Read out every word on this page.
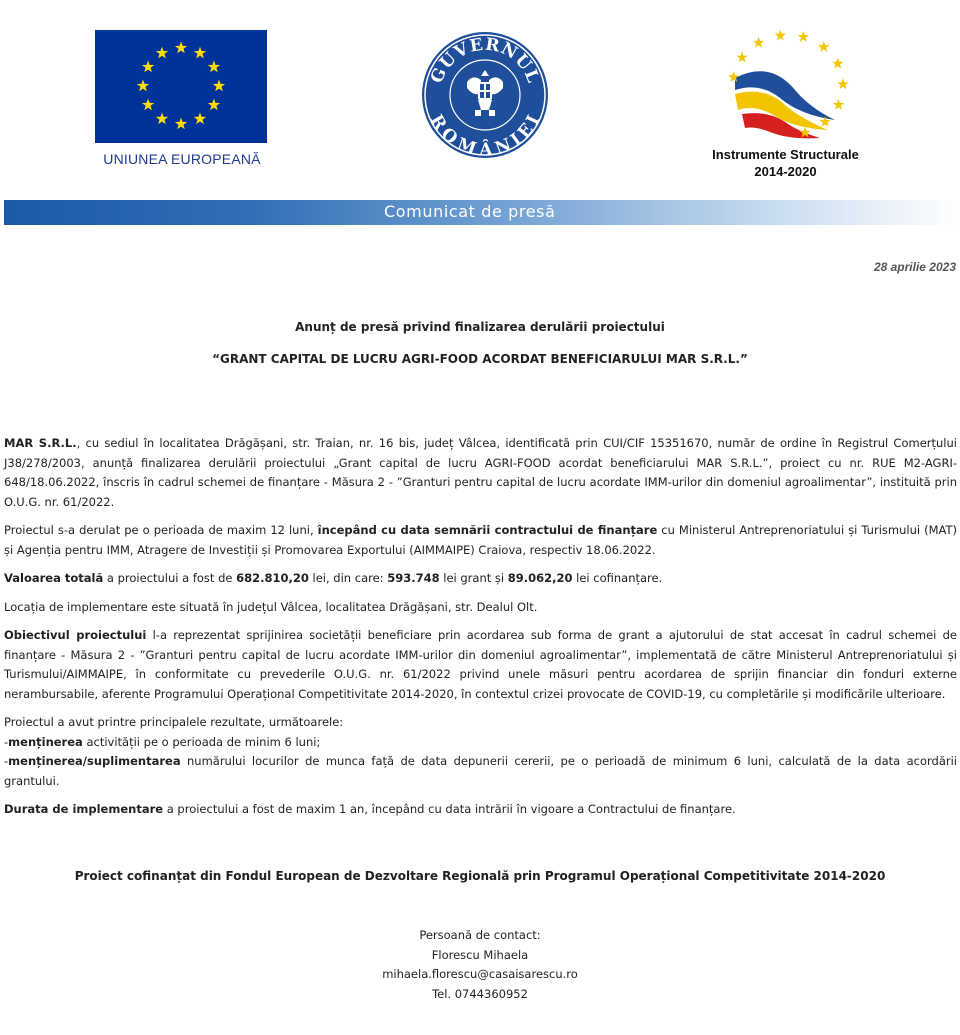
UNIUNEA EUROPEANĂ
GUVERNUL
ROMÂNIEI
Instrumente Structurale
2014-2020
Comunicat de presă
28 aprilie 2023
Anunț de presă privind finalizarea derulării proiectului
“GRANT CAPITAL DE LUCRU AGRI-FOOD ACORDAT BENEFICIARULUI MAR S.R.L.”

MAR S.R.L., cu sediul în localitatea Drăgășani, str. Traian, nr. 16 bis, județ Vâlcea, identificată prin CUI/CIF 15351670, număr de ordine în Registrul Comerțului J38/278/2003, anunță finalizarea derulării proiectului „Grant capital de lucru AGRI-FOOD acordat beneficiarului MAR S.R.L.”, proiect cu nr. RUE M2-AGRI-648/18.06.2022, înscris în cadrul schemei de finanțare - Măsura 2 - ”Granturi pentru capital de lucru acordate IMM-urilor din domeniul agroalimentar”, instituită prin O.U.G. nr. 61/2022.

Proiectul s-a derulat pe o perioada de maxim 12 luni, începând cu data semnării contractului de finanțare cu Ministerul Antreprenoriatului și Turismului (MAT) și Agenția pentru IMM, Atragere de Investiții și Promovarea Exportului (AIMMAIPE) Craiova, respectiv 18.06.2022.

Valoarea totală a proiectului a fost de 682.810,20 lei, din care: 593.748 lei grant și 89.062,20 lei cofinanțare.

Locația de implementare este situată în județul Vâlcea, localitatea Drăgășani, str. Dealul Olt.

Obiectivul proiectului l-a reprezentat sprijinirea societății beneficiare prin acordarea sub forma de grant a ajutorului de stat accesat în cadrul schemei de finanțare - Măsura 2 - ”Granturi pentru capital de lucru acordate IMM-urilor din domeniul agroalimentar”, implementată de către Ministerul Antreprenoriatului și Turismului/AIMMAIPE, în conformitate cu prevederile O.U.G. nr. 61/2022 privind unele măsuri pentru acordarea de sprijin financiar din fonduri externe nerambursabile, aferente Programului Operațional Competitivitate 2014-2020, în contextul crizei provocate de COVID-19, cu completările și modificările ulterioare.

Proiectul a avut printre principalele rezultate, următoarele:
-menținerea activității pe o perioada de minim 6 luni;
-menținerea/suplimentarea numărului locurilor de munca față de data depunerii cererii, pe o perioadă de minimum 6 luni, calculată de la data acordării grantului.

Durata de implementare a proiectului a fost de maxim 1 an, începând cu data intrării în vigoare a Contractului de finanțare.

Proiect cofinanțat din Fondul European de Dezvoltare Regională prin Programul Operațional Competitivitate 2014-2020
Persoană de contact:
Florescu Mihaela
mihaela.florescu@casaisarescu.ro
Tel. 0744360952
